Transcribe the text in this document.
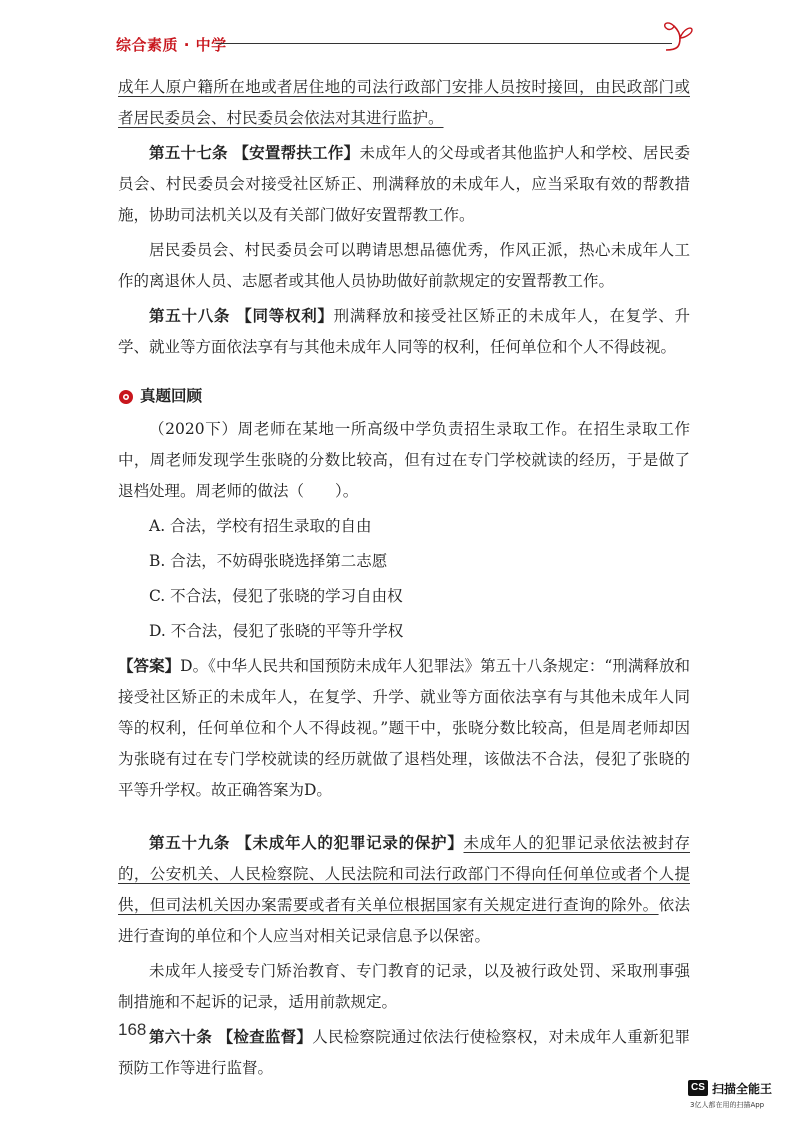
综合素质 · 中学

成年人原户籍所在地或者居住地的司法行政部门安排人员按时接回，由民政部门或者居民委员会、村民委员会依法对其进行监护。

第五十七条 【安置帮扶工作】未成年人的父母或者其他监护人和学校、居民委员会、村民委员会对接受社区矫正、刑满释放的未成年人，应当采取有效的帮教措施，协助司法机关以及有关部门做好安置帮教工作。

居民委员会、村民委员会可以聘请思想品德优秀，作风正派，热心未成年人工作的离退休人员、志愿者或其他人员协助做好前款规定的安置帮教工作。

第五十八条 【同等权利】刑满释放和接受社区矫正的未成年人，在复学、升学、就业等方面依法享有与其他未成年人同等的权利，任何单位和个人不得歧视。

真题回顾

（2020下）周老师在某地一所高级中学负责招生录取工作。在招生录取工作中，周老师发现学生张晓的分数比较高，但有过在专门学校就读的经历，于是做了退档处理。周老师的做法（　　）。

A. 合法，学校有招生录取的自由

B. 合法，不妨碍张晓选择第二志愿

C. 不合法，侵犯了张晓的学习自由权

D. 不合法，侵犯了张晓的平等升学权

【答案】D。《中华人民共和国预防未成年人犯罪法》第五十八条规定：“刑满释放和接受社区矫正的未成年人，在复学、升学、就业等方面依法享有与其他未成年人同等的权利，任何单位和个人不得歧视。”题干中，张晓分数比较高，但是周老师却因为张晓有过在专门学校就读的经历就做了退档处理，该做法不合法，侵犯了张晓的平等升学权。故正确答案为D。

第五十九条 【未成年人的犯罪记录的保护】未成年人的犯罪记录依法被封存的，公安机关、人民检察院、人民法院和司法行政部门不得向任何单位或者个人提供，但司法机关因办案需要或者有关单位根据国家有关规定进行查询的除外。依法进行查询的单位和个人应当对相关记录信息予以保密。

未成年人接受专门矫治教育、专门教育的记录，以及被行政处罚、采取刑事强制措施和不起诉的记录，适用前款规定。

第六十条 【检查监督】人民检察院通过依法行使检察权，对未成年人重新犯罪预防工作等进行监督。

168
CS 扫描全能王
3亿人都在用的扫描App
